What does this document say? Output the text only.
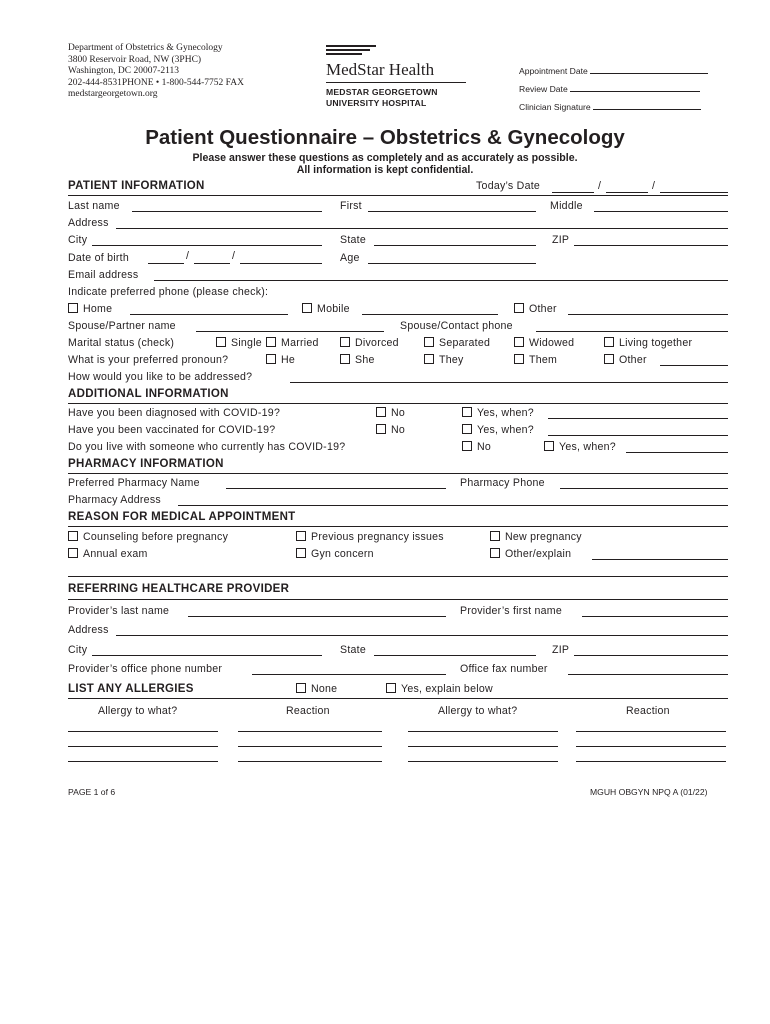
Department of Obstetrics & Gynecology
3800 Reservoir Road, NW (3PHC)
Washington, DC 20007-2113
202-444-8531PHONE • 1-800-544-7752 FAX
medstargeorgetown.org
MedStar Health
MEDSTAR GEORGETOWN
UNIVERSITY HOSPITAL
Appointment Date
Review Date
Clinician Signature
Patient Questionnaire – Obstetrics & Gynecology
Please answer these questions as completely and as accurately as possible.
All information is kept confidential.
PATIENT INFORMATION	Today’s Date	/	/
Last name	First	Middle
Address
City	State	ZIP
Date of birth	/	/	Age
Email address
Indicate preferred phone (please check):
Home	Mobile	Other
Spouse/Partner name	Spouse/Contact phone
Marital status (check)	Single	Married	Divorced	Separated	Widowed	Living together
What is your preferred pronoun?	He	She	They	Them	Other
How would you like to be addressed?
ADDITIONAL INFORMATION
Have you been diagnosed with COVID-19?	No	Yes, when?
Have you been vaccinated for COVID-19?	No	Yes, when?
Do you live with someone who currently has COVID-19?	No	Yes, when?
PHARMACY INFORMATION
Preferred Pharmacy Name	Pharmacy Phone
Pharmacy Address
REASON FOR MEDICAL APPOINTMENT
Counseling before pregnancy	Previous pregnancy issues	New pregnancy
Annual exam	Gyn concern	Other/explain
REFERRING HEALTHCARE PROVIDER
Provider’s last name	Provider’s first name
Address
City	State	ZIP
Provider’s office phone number	Office fax number
LIST ANY ALLERGIES	None	Yes, explain below
Allergy to what?	Reaction	Allergy to what?	Reaction
PAGE 1 of 6	MGUH OBGYN NPQ A (01/22)
